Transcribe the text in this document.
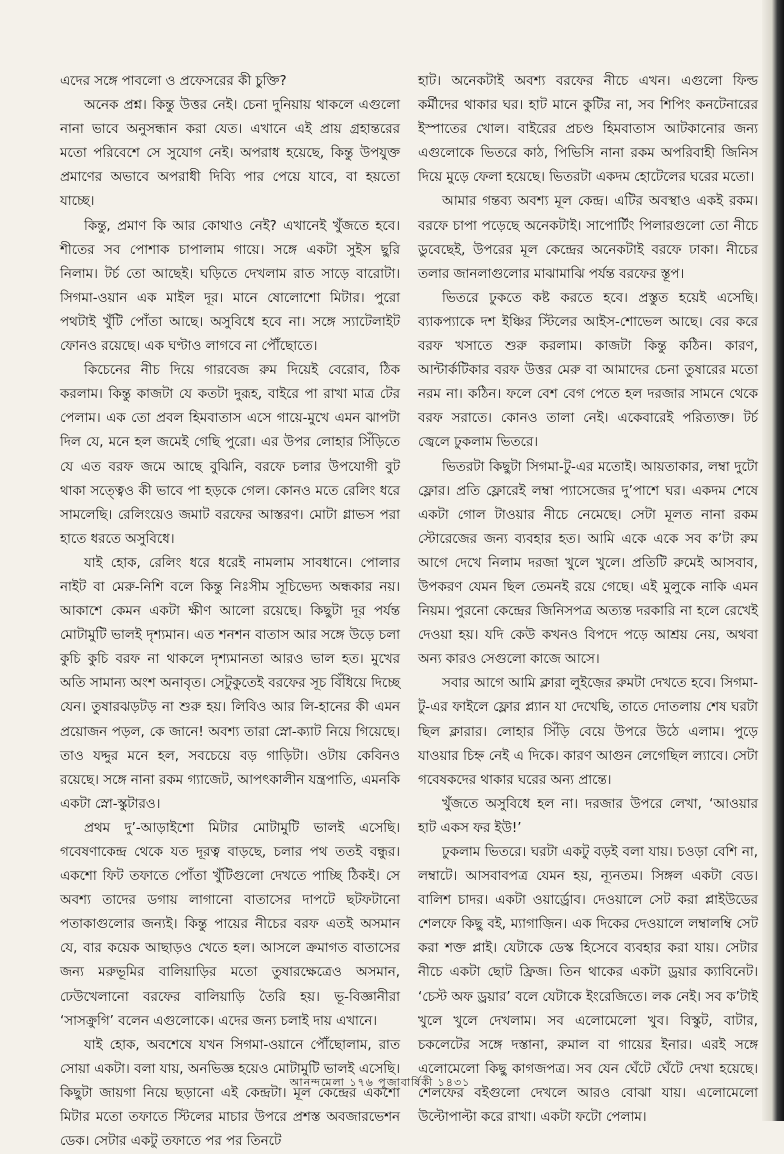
এদের সঙ্গে পাবলো ও প্রফেসরের কী চুক্তি?

অনেক প্রশ্ন। কিন্তু উত্তর নেই। চেনা দুনিয়ায় থাকলে এগুলো নানা ভাবে অনুসন্ধান করা যেত। এখানে এই প্রায় গ্রহান্তরের মতো পরিবেশে সে সুযোগ নেই। অপরাধ হয়েছে, কিন্তু উপযুক্ত প্রমাণের অভাবে অপরাধী দিব্যি পার পেয়ে যাবে, বা হয়তো যাচ্ছে।

কিন্তু, প্রমাণ কি আর কোথাও নেই? এখানেই খুঁজতে হবে। শীতের সব পোশাক চাপালাম গায়ে। সঙ্গে একটা সুইস ছুরি নিলাম। টর্চ তো আছেই। ঘড়িতে দেখলাম রাত সাড়ে বারোটা। সিগমা-ওয়ান এক মাইল দূর। মানে ষোলোশো মিটার। পুরো পথটাই খুঁটি পোঁতা আছে। অসুবিধে হবে না। সঙ্গে স্যাটেলাইট ফোনও রয়েছে। এক ঘণ্টাও লাগবে না পৌঁছোতে।

কিচেনের নীচ দিয়ে গারবেজ রুম দিয়েই বেরোব, ঠিক করলাম। কিন্তু কাজটা যে কতটা দুরূহ, বাইরে পা রাখা মাত্র টের পেলাম। এক তো প্রবল হিমবাতাস এসে গায়ে-মুখে এমন ঝাপটা দিল যে, মনে হল জমেই গেছি পুরো। এর উপর লোহার সিঁড়িতে যে এত বরফ জমে আছে বুঝিনি, বরফে চলার উপযোগী বুট থাকা সত্ত্বেও কী ভাবে পা হড়কে গেল। কোনও মতে রেলিং ধরে সামলেছি। রেলিংয়েও জমাট বরফের আস্তরণ। মোটা গ্লাভস পরা হাতে ধরতে অসুবিধে।

যাই হোক, রেলিং ধরে ধরেই নামলাম সাবধানে। পোলার নাইট বা মেরু-নিশি বলে কিন্তু নিঃসীম সূচিভেদ্য অন্ধকার নয়। আকাশে কেমন একটা ক্ষীণ আলো রয়েছে। কিছুটা দূর পর্যন্ত মোটামুটি ভালই দৃশ্যমান। এত শনশন বাতাস আর সঙ্গে উড়ে চলা কুচি কুচি বরফ না থাকলে দৃশ্যমানতা আরও ভাল হত। মুখের অতি সামান্য অংশ অনাবৃত। সেটুকুতেই বরফের সূচ বিঁধিয়ে দিচ্ছে যেন। তুষারঝড়টড় না শুরু হয়। লিবিও আর লি-হানের কী এমন প্রয়োজন পড়ল, কে জানে! অবশ্য তারা স্নো-ক্যাট নিয়ে গিয়েছে। তাও যদ্দুর মনে হল, সবচেয়ে বড় গাড়িটা। ওটায় কেবিনও রয়েছে। সঙ্গে নানা রকম গ্যাজেট, আপৎকালীন যন্ত্রপাতি, এমনকি একটা স্নো-স্কুটারও।

প্রথম দু’-আড়াইশো মিটার মোটামুটি ভালই এসেছি। গবেষণাকেন্দ্র থেকে যত দূরত্ব বাড়ছে, চলার পথ ততই বন্ধুর। একশো ফিট তফাতে পোঁতা খুঁটিগুলো দেখতে পাচ্ছি ঠিকই। সে অবশ্য তাদের ডগায় লাগানো বাতাসের দাপটে ছটফটানো পতাকাগুলোর জন্যই। কিন্তু পায়ের নীচের বরফ এতই অসমান যে, বার কয়েক আছাড়ও খেতে হল। আসলে ক্রমাগত বাতাসের জন্য মরুভূমির বালিয়াড়ির মতো তুষারক্ষেত্রেও অসমান, ঢেউখেলানো বরফের বালিয়াড়ি তৈরি হয়। ভূ-বিজ্ঞানীরা ‘সাসক্রুগি’ বলেন এগুলোকে। এদের জন্য চলাই দায় এখানে।

যাই হোক, অবশেষে যখন সিগমা-ওয়ানে পৌঁছোলাম, রাত সোয়া একটা। বলা যায়, অনভিজ্ঞ হয়েও মোটামুটি ভালই এসেছি। কিছুটা জায়গা নিয়ে ছড়ানো এই কেন্দ্রটা। মূল কেন্দ্রের একশো মিটার মতো তফাতে স্টিলের মাচার উপরে প্রশস্ত অবজারভেশন ডেক। সেটার একটু তফাতে পর পর তিনটে

হাট। অনেকটাই অবশ্য বরফের নীচে এখন। এগুলো ফিল্ড কর্মীদের থাকার ঘর। হাট মানে কুটির না, সব শিপিং কনটেনারের ইস্পাতের খোল। বাইরের প্রচণ্ড হিমবাতাস আটকানোর জন্য এগুলোকে ভিতরে কাঠ, পিভিসি নানা রকম অপরিবাহী জিনিস দিয়ে মুড়ে ফেলা হয়েছে। ভিতরটা একদম হোটেলের ঘরের মতো।

আমার গন্তব্য অবশ্য মূল কেন্দ্র। এটির অবস্থাও একই রকম। বরফে চাপা পড়েছে অনেকটাই। সাপোর্টিং পিলারগুলো তো নীচে ডুবেছেই, উপরের মূল কেন্দ্রের অনেকটাই বরফে ঢাকা। নীচের তলার জানলাগুলোর মাঝামাঝি পর্যন্ত বরফের স্তূপ।

ভিতরে ঢুকতে কষ্ট করতে হবে। প্রস্তুত হয়েই এসেছি। ব্যাকপ্যাকে দশ ইঞ্চির স্টিলের আইস-শোভেল আছে। বের করে বরফ খসাতে শুরু করলাম। কাজটা কিন্তু কঠিন। কারণ, আন্টার্কটিকার বরফ উত্তর মেরু বা আমাদের চেনা তুষারের মতো নরম না। কঠিন। ফলে বেশ বেগ পেতে হল দরজার সামনে থেকে বরফ সরাতে। কোনও তালা নেই। একেবারেই পরিত্যক্ত। টর্চ জ্বেলে ঢুকলাম ভিতরে।

ভিতরটা কিছুটা সিগমা-টু-এর মতোই। আয়তাকার, লম্বা দুটো ফ্লোর। প্রতি ফ্লোরেই লম্বা প্যাসেজের দু’পাশে ঘর। একদম শেষে একটা গোল টাওয়ার নীচে নেমেছে। সেটা মূলত নানা রকম স্টোরেজের জন্য ব্যবহার হত। আমি একে একে সব ক’টা রুম আগে দেখে নিলাম দরজা খুলে খুলে। প্রতিটি রুমেই আসবাব, উপকরণ যেমন ছিল তেমনই রয়ে গেছে। এই মুলুকে নাকি এমন নিয়ম। পুরনো কেন্দ্রের জিনিসপত্র অত্যন্ত দরকারি না হলে রেখেই দেওয়া হয়। যদি কেউ কখনও বিপদে পড়ে আশ্রয় নেয়, অথবা অন্য কারও সেগুলো কাজে আসে।

সবার আগে আমি ক্লারা লুইজ়ের রুমটা দেখতে হবে। সিগমা-টু-এর ফাইলে ফ্লোর প্ল্যান যা দেখেছি, তাতে দোতলায় শেষ ঘরটা ছিল ক্লারার। লোহার সিঁড়ি বেয়ে উপরে উঠে এলাম। পুড়ে যাওয়ার চিহ্ন নেই এ দিকে। কারণ আগুন লেগেছিল ল্যাবে। সেটা গবেষকদের থাকার ঘরের অন্য প্রান্তে।

খুঁজতে অসুবিধে হল না। দরজার উপরে লেখা, ‘আওয়ার হাট একস ফর ইউ!’

ঢুকলাম ভিতরে। ঘরটা একটু বড়ই বলা যায়। চওড়া বেশি না, লম্বাটে। আসবাবপত্র যেমন হয়, ন্যূনতম। সিঙ্গল একটা বেড। বালিশ চাদর। একটা ওয়ার্ড্রোব। দেওয়ালে সেট করা প্লাইউডের শেলফে কিছু বই, ম্যাগাজ়িন। এক দিকের দেওয়ালে লম্বালম্বি সেট করা শক্ত প্লাই। যেটাকে ডেস্ক হিসেবে ব্যবহার করা যায়। সেটার নীচে একটা ছোট ফ্রিজ। তিন থাকের একটা ড্রয়ার ক্যাবিনেট। ‘চেস্ট অফ ড্রয়ার’ বলে যেটাকে ইংরেজিতে। লক নেই। সব ক’টাই খুলে খুলে দেখলাম। সব এলোমেলো খুব। বিস্কুট, বাটার, চকলেটের সঙ্গে দস্তানা, রুমাল বা গায়ের ইনার। এরই সঙ্গে এলোমেলো কিছু কাগজপত্র। সব যেন ঘেঁটে ঘেঁটে দেখা হয়েছে। শেলফের বইগুলো দেখলে আরও বোঝা যায়। এলোমেলো উল্টোপাল্টা করে রাখা। একটা ফটো পেলাম।

আনন্দমেলা ১৭৬ পূজাবার্ষিকী ১৪৩১
